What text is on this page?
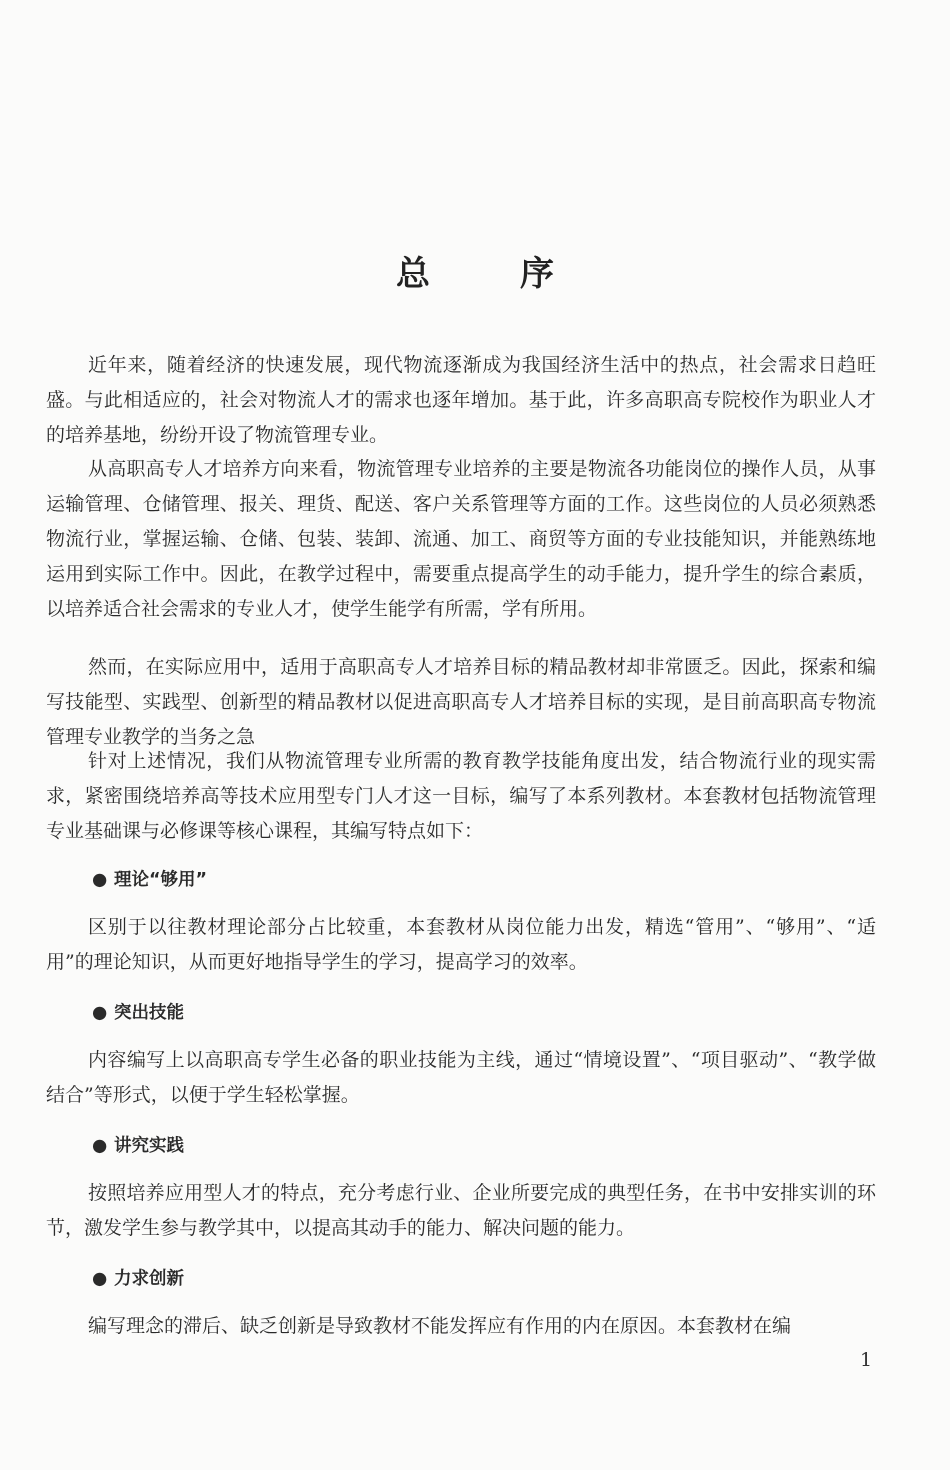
总	序

近年来，随着经济的快速发展，现代物流逐渐成为我国经济生活中的热点，社会需求日趋旺盛。与此相适应的，社会对物流人才的需求也逐年增加。基于此，许多高职高专院校作为职业人才的培养基地，纷纷开设了物流管理专业。

从高职高专人才培养方向来看，物流管理专业培养的主要是物流各功能岗位的操作人员，从事运输管理、仓储管理、报关、理货、配送、客户关系管理等方面的工作。这些岗位的人员必须熟悉物流行业，掌握运输、仓储、包装、装卸、流通、加工、商贸等方面的专业技能知识，并能熟练地运用到实际工作中。因此，在教学过程中，需要重点提高学生的动手能力，提升学生的综合素质，以培养适合社会需求的专业人才，使学生能学有所需，学有所用。

然而，在实际应用中，适用于高职高专人才培养目标的精品教材却非常匮乏。因此，探索和编写技能型、实践型、创新型的精品教材以促进高职高专人才培养目标的实现，是目前高职高专物流管理专业教学的当务之急

针对上述情况，我们从物流管理专业所需的教育教学技能角度出发，结合物流行业的现实需求，紧密围绕培养高等技术应用型专门人才这一目标，编写了本系列教材。本套教材包括物流管理专业基础课与必修课等核心课程，其编写特点如下：

● 理论“够用”

区别于以往教材理论部分占比较重，本套教材从岗位能力出发，精选“管用”、“够用”、“适用”的理论知识，从而更好地指导学生的学习，提高学习的效率。

● 突出技能

内容编写上以高职高专学生必备的职业技能为主线，通过“情境设置”、“项目驱动”、“教学做结合”等形式，以便于学生轻松掌握。

● 讲究实践

按照培养应用型人才的特点，充分考虑行业、企业所要完成的典型任务，在书中安排实训的环节，激发学生参与教学其中，以提高其动手的能力、解决问题的能力。

● 力求创新

编写理念的滞后、缺乏创新是导致教材不能发挥应有作用的内在原因。本套教材在编

1
